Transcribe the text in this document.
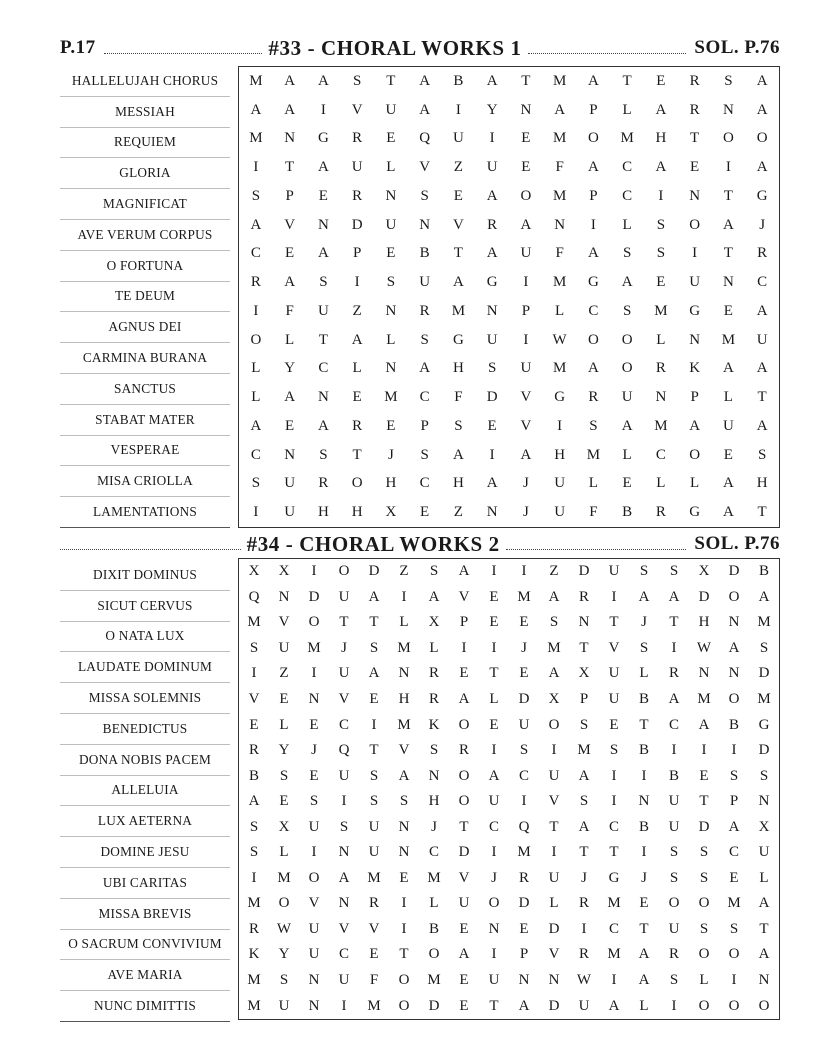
P.17	#33 - CHORAL WORKS 1	SOL. P.76
HALLELUJAH CHORUS
MESSIAH
REQUIEM
GLORIA
MAGNIFICAT
AVE VERUM CORPUS
O FORTUNA
TE DEUM
AGNUS DEI
CARMINA BURANA
SANCTUS
STABAT MATER
VESPERAE
MISA CRIOLLA
LAMENTATIONS
M	A	A	S	T	A	B	A	T	M	A	T	E	R	S	A
A	A	I	V	U	A	I	Y	N	A	P	L	A	R	N	A
M	N	G	R	E	Q	U	I	E	M	O	M	H	T	O	O
I	T	A	U	L	V	Z	U	E	F	A	C	A	E	I	A
S	P	E	R	N	S	E	A	O	M	P	C	I	N	T	G
A	V	N	D	U	N	V	R	A	N	I	L	S	O	A	J
C	E	A	P	E	B	T	A	U	F	A	S	S	I	T	R
R	A	S	I	S	U	A	G	I	M	G	A	E	U	N	C
I	F	U	Z	N	R	M	N	P	L	C	S	M	G	E	A
O	L	T	A	L	S	G	U	I	W	O	O	L	N	M	U
L	Y	C	L	N	A	H	S	U	M	A	O	R	K	A	A
L	A	N	E	M	C	F	D	V	G	R	U	N	P	L	T
A	E	A	R	E	P	S	E	V	I	S	A	M	A	U	A
C	N	S	T	J	S	A	I	A	H	M	L	C	O	E	S
S	U	R	O	H	C	H	A	J	U	L	E	L	L	A	H
I	U	H	H	X	E	Z	N	J	U	F	B	R	G	A	T
#34 - CHORAL WORKS 2	SOL. P.76
DIXIT DOMINUS
SICUT CERVUS
O NATA LUX
LAUDATE DOMINUM
MISSA SOLEMNIS
BENEDICTUS
DONA NOBIS PACEM
ALLELUIA
LUX AETERNA
DOMINE JESU
UBI CARITAS
MISSA BREVIS
O SACRUM CONVIVIUM
AVE MARIA
NUNC DIMITTIS
X	X	I	O	D	Z	S	A	I	I	Z	D	U	S	S	X	D	B
Q	N	D	U	A	I	A	V	E	M	A	R	I	A	A	D	O	A
M	V	O	T	T	L	X	P	E	E	S	N	T	J	T	H	N	M
S	U	M	J	S	M	L	I	I	J	M	T	V	S	I	W	A	S
I	Z	I	U	A	N	R	E	T	E	A	X	U	L	R	N	N	D
V	E	N	V	E	H	R	A	L	D	X	P	U	B	A	M	O	M
E	L	E	C	I	M	K	O	E	U	O	S	E	T	C	A	B	G
R	Y	J	Q	T	V	S	R	I	S	I	M	S	B	I	I	I	D
B	S	E	U	S	A	N	O	A	C	U	A	I	I	B	E	S	S
A	E	S	I	S	S	H	O	U	I	V	S	I	N	U	T	P	N
S	X	U	S	U	N	J	T	C	Q	T	A	C	B	U	D	A	X
S	L	I	N	U	N	C	D	I	M	I	T	T	I	S	S	C	U
I	M	O	A	M	E	M	V	J	R	U	J	G	J	S	S	E	L
M	O	V	N	R	I	L	U	O	D	L	R	M	E	O	O	M	A
R	W	U	V	V	I	B	E	N	E	D	I	C	T	U	S	S	T
K	Y	U	C	E	T	O	A	I	P	V	R	M	A	R	O	O	A
M	S	N	U	F	O	M	E	U	N	N	W	I	A	S	L	I	N
M	U	N	I	M	O	D	E	T	A	D	U	A	L	I	O	O	O
